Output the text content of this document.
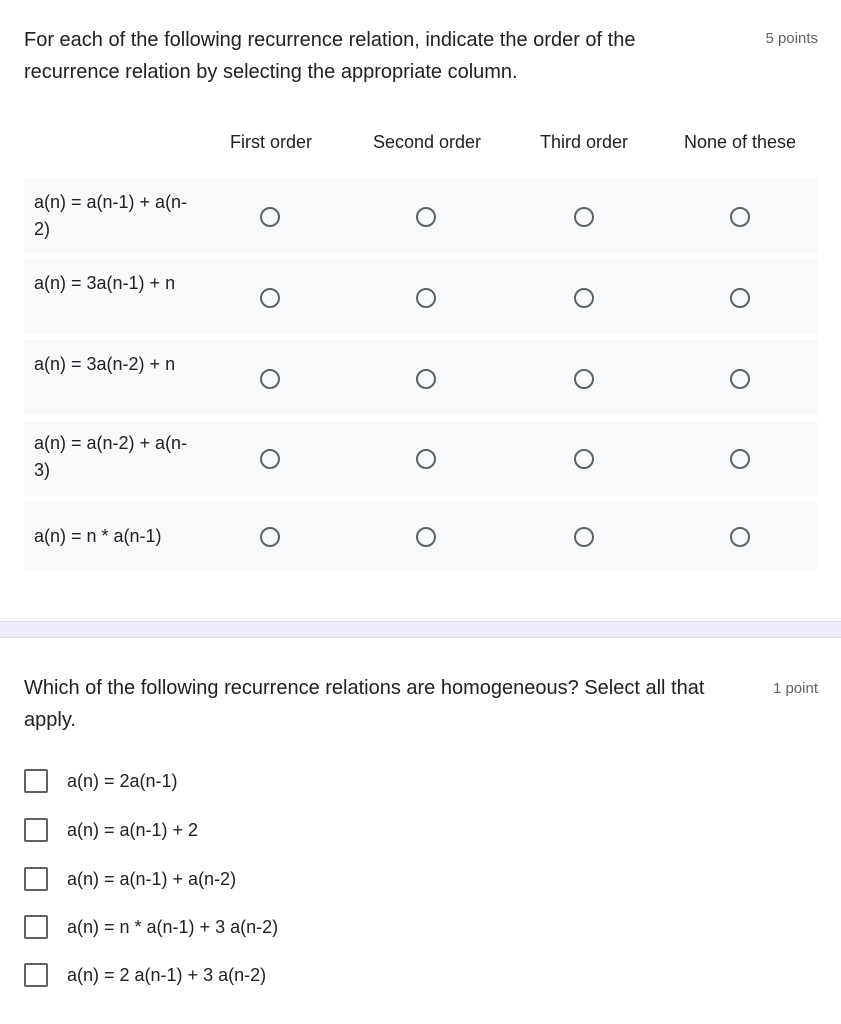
For each of the following recurrence relation, indicate the order of the recurrence relation by selecting the appropriate column.
5 points
First order	Second order	Third order	None of these
a(n) = a(n-1) + a(n-2)
a(n) = 3a(n-1) + n
a(n) = 3a(n-2) + n
a(n) = a(n-2) + a(n-3)
a(n) = n * a(n-1)
Which of the following recurrence relations are homogeneous? Select all that apply.
1 point
a(n) = 2a(n-1)
a(n) = a(n-1) + 2
a(n) = a(n-1) + a(n-2)
a(n) = n * a(n-1) + 3 a(n-2)
a(n) = 2 a(n-1) + 3 a(n-2)
